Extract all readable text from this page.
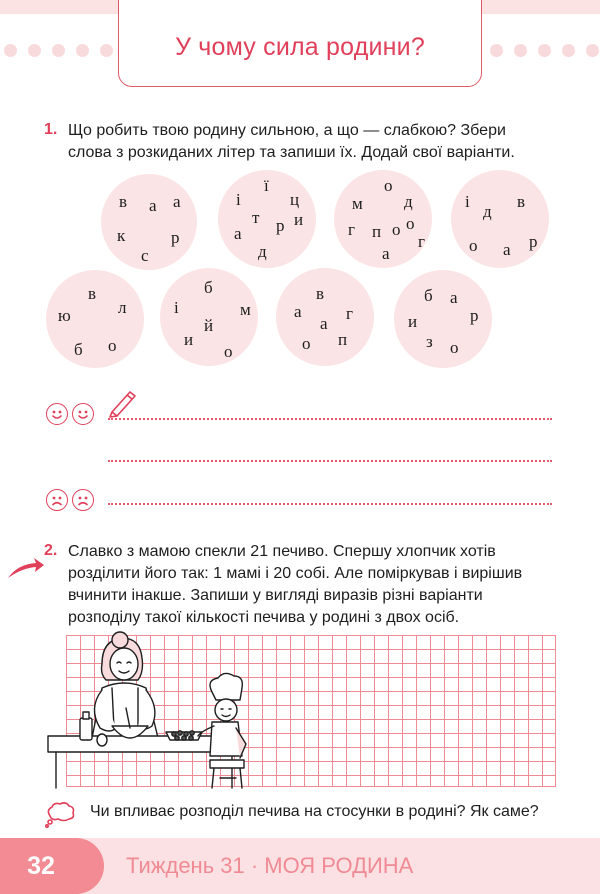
У чому сила родини?
1. Що робить твою родину сильною, а що — слабкою? Збери
слова з розкиданих літер та запиши їх. Додай свої варіанти.
в	а
а
к	р
с
і
ї
ц
т р
а
и
д
о
м д
о
г п о
а
г
і	в
д
о а р
в
ю	л
б о
б
і	м
и
й
о
в
а	г
а
о п
б а
р
и
з о
2. Славко з мамою спекли 21 печиво. Спершу хлопчик хотів
розділити його так: 1 мамі і 20 собі. Але поміркував і вирішив
вчинити інакше. Запиши у вигляді виразів різні варіанти
розподілу такої кількості печива у родині з двох осіб.
Чи впливає розподіл печива на стосунки в родині? Як саме?
32	Тиждень 31 · МОЯ РОДИНА
